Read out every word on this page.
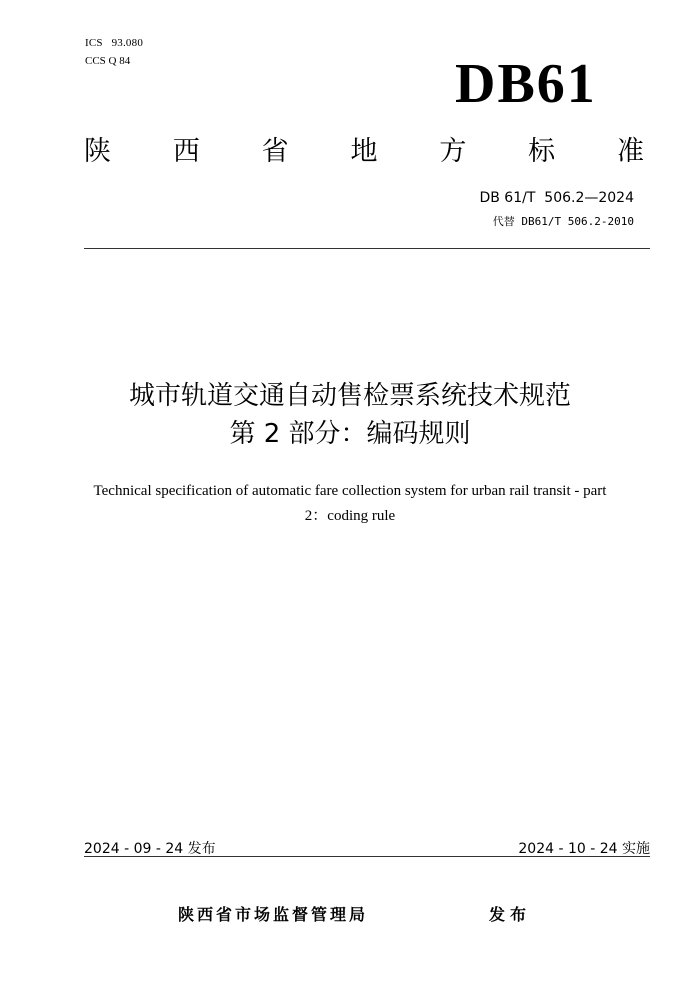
ICS   93.080
CCS Q 84	DB61
陕 西 省 地 方 标 准
DB 61/T  506.2—2024
代替 DB61/T 506.2-2010
城市轨道交通自动售检票系统技术规范
第 2 部分：编码规则
Technical specification of automatic fare collection system for urban rail transit - part
2：coding rule
2024 - 09 - 24 发布	2024 - 10 - 24 实施
陕西省市场监督管理局	发布
